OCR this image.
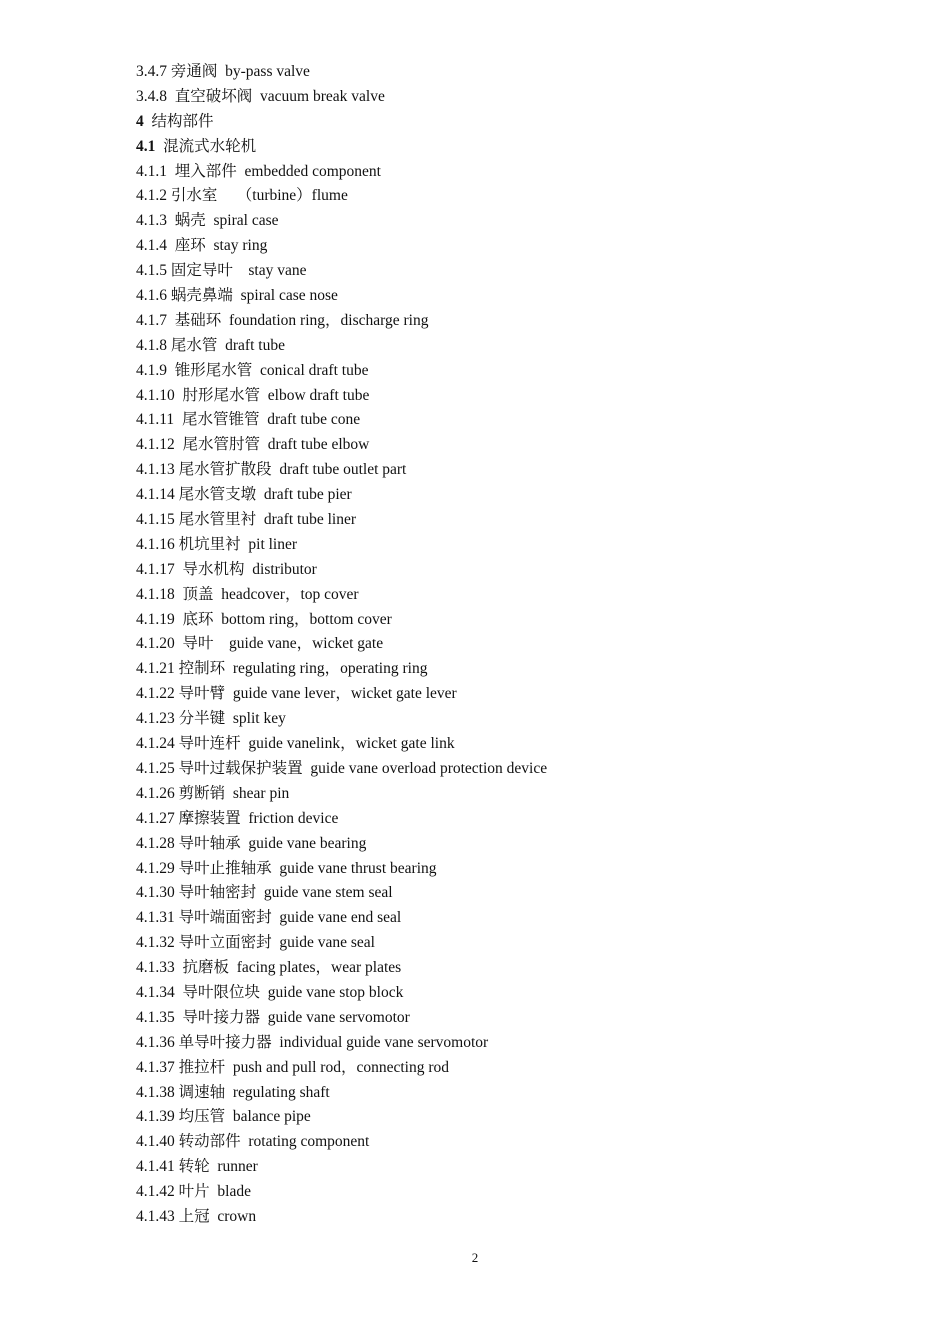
3.4.7 旁通阀 by-pass valve
3.4.8 直空破坏阀 vacuum break valve
4 结构部件
4.1 混流式水轮机
4.1.1 埋入部件 embedded component
4.1.2 引水室     （turbine）flume
4.1.3 蜗壳 spiral case
4.1.4 座环 stay ring
4.1.5 固定导叶    stay vane
4.1.6 蜗壳鼻端 spiral case nose
4.1.7 基础环 foundation ring，discharge ring
4.1.8 尾水管 draft tube
4.1.9 锥形尾水管 conical draft tube
4.1.10 肘形尾水管 elbow draft tube
4.1.11 尾水管锥管 draft tube cone
4.1.12 尾水管肘管 draft tube elbow
4.1.13 尾水管扩散段 draft tube outlet part
4.1.14 尾水管支墩 draft tube pier
4.1.15 尾水管里衬 draft tube liner
4.1.16 机坑里衬 pit liner
4.1.17 导水机构 distributor
4.1.18 顶盖 headcover，top cover
4.1.19 底环 bottom ring，bottom cover
4.1.20 导叶    guide vane，wicket gate
4.1.21 控制环 regulating ring，operating ring
4.1.22 导叶臂 guide vane lever，wicket gate lever
4.1.23 分半键 split key
4.1.24 导叶连杆 guide vanelink，wicket gate link
4.1.25 导叶过载保护装置 guide vane overload protection device
4.1.26 剪断销 shear pin
4.1.27 摩擦装置 friction device
4.1.28 导叶轴承 guide vane bearing
4.1.29 导叶止推轴承 guide vane thrust bearing
4.1.30 导叶轴密封 guide vane stem seal
4.1.31 导叶端面密封 guide vane end seal
4.1.32 导叶立面密封 guide vane seal
4.1.33 抗磨板 facing plates，wear plates
4.1.34 导叶限位块 guide vane stop block
4.1.35 导叶接力器 guide vane servomotor
4.1.36 单导叶接力器 individual guide vane servomotor
4.1.37 推拉杆 push and pull rod，connecting rod
4.1.38 调速轴 regulating shaft
4.1.39 均压管 balance pipe
4.1.40 转动部件 rotating component
4.1.41 转轮 runner
4.1.42 叶片 blade
4.1.43 上冠 crown
2
